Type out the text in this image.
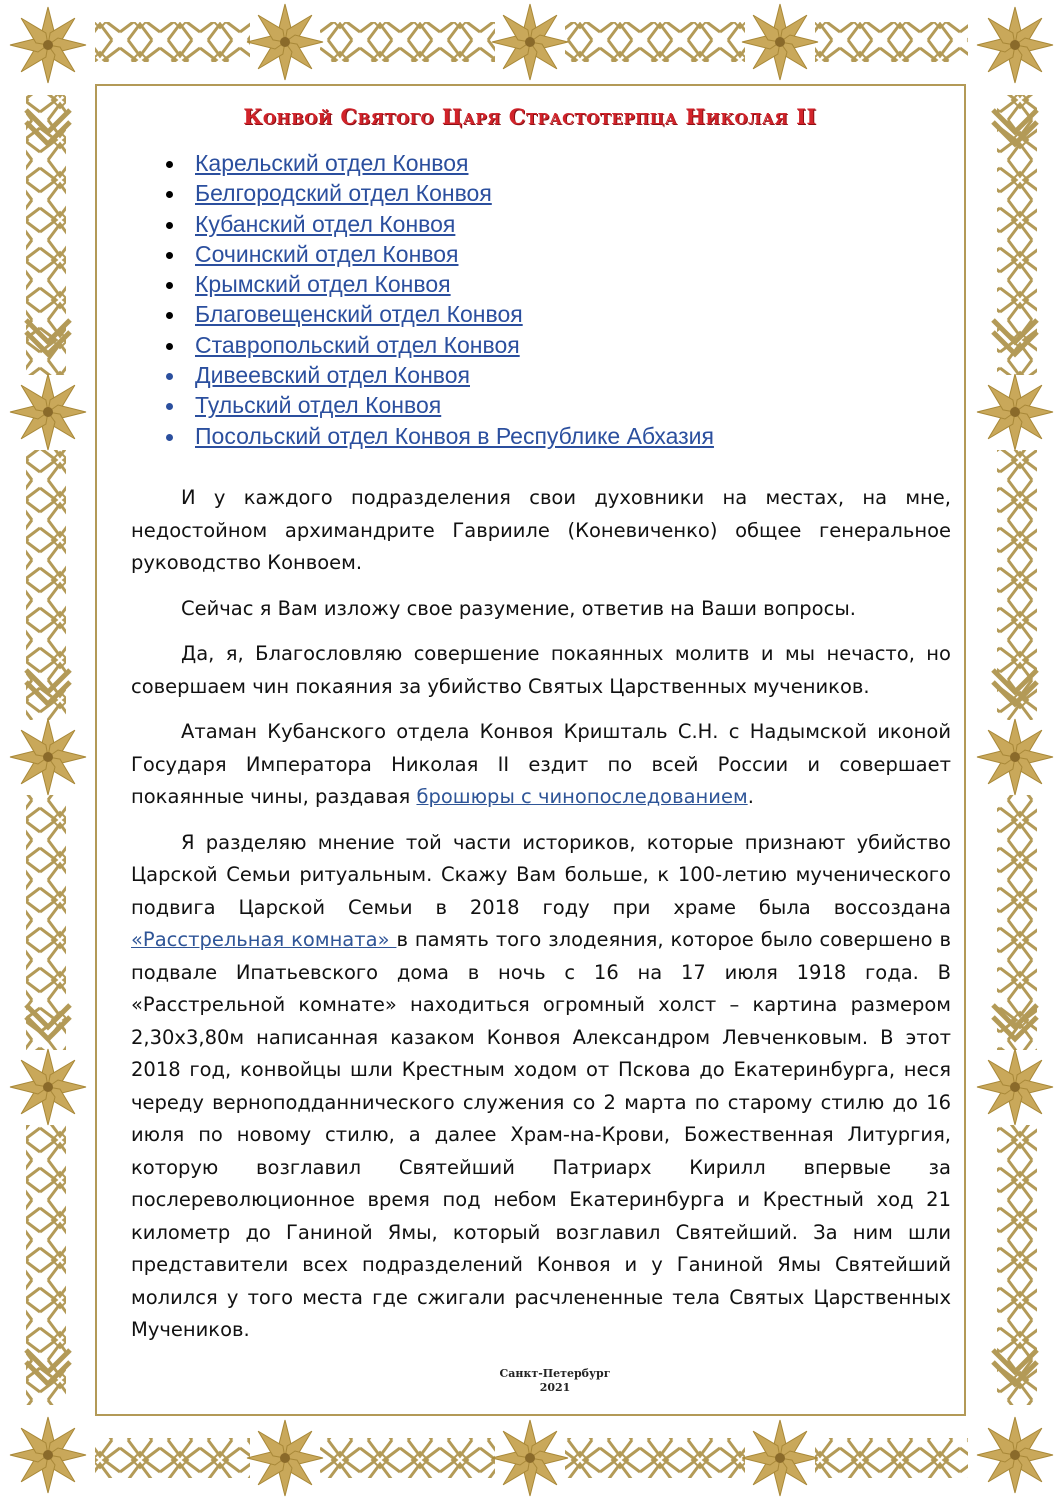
Конвой Святого Царя Страстотерпца Николая II
Карельский отдел Конвоя
Белгородский отдел Конвоя
Кубанский отдел Конвоя
Сочинский отдел Конвоя
Крымский отдел Конвоя
Благовещенский отдел Конвоя
Ставропольский отдел Конвоя
Дивеевский отдел Конвоя
Тульский отдел Конвоя
Посольский отдел Конвоя в Республике Абхазия

И у каждого подразделения свои духовники на местах, на мне, недостойном архимандрите Гаврииле (Коневиченко) общее генеральное руководство Конвоем.

Сейчас я Вам изложу свое разумение, ответив на Ваши вопросы.

Да, я, Благословляю совершение покаянных молитв и мы нечасто, но совершаем чин покаяния за убийство Святых Царственных мучеников.

Атаман Кубанского отдела Конвоя Кришталь С.Н. с Надымской иконой Государя Императора Николая II ездит по всей России и совершает покаянные чины, раздавая брошюры с чинопоследованием.

Я разделяю мнение той части историков, которые признают убийство Царской Семьи ритуальным. Скажу Вам больше, к 100-летию мученического подвига Царской Семьи в 2018 году при храме была воссоздана «Расстрельная комната» в память того злодеяния, которое было совершено в подвале Ипатьевского дома в ночь с 16 на 17 июля 1918 года. В «Расстрельной комнате» находиться огромный холст – картина размером 2,30х3,80м написанная казаком Конвоя Александром Левченковым. В этот 2018 год, конвойцы шли Крестным ходом от Пскова до Екатеринбурга, неся череду верноподданнического служения со 2 марта по старому стилю до 16 июля по новому стилю, а далее Храм-на-Крови, Божественная Литургия, которую возглавил Святейший Патриарх Кирилл впервые за послереволюционное время под небом Екатеринбурга и Крестный ход 21 километр до Ганиной Ямы, который возглавил Святейший. За ним шли представители всех подразделений Конвоя и у Ганиной Ямы Святейший молился у того места где сжигали расчлененные тела Святых Царственных Мучеников.

Санкт-Петербург
2021
